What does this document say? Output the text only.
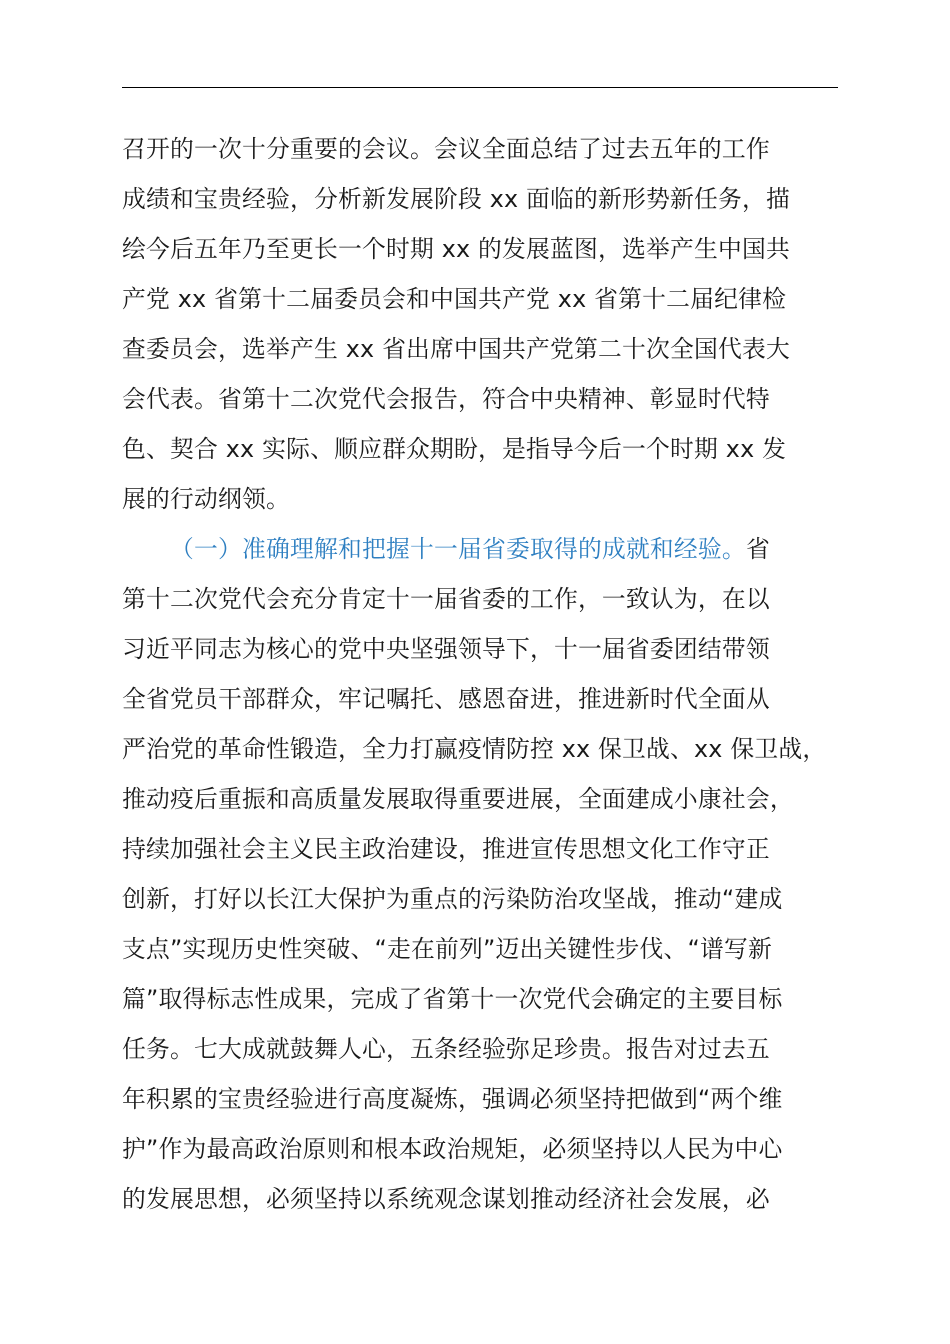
召开的一次十分重要的会议。会议全面总结了过去五年的工作
成绩和宝贵经验，分析新发展阶段 xx 面临的新形势新任务，描
绘今后五年乃至更长一个时期 xx 的发展蓝图，选举产生中国共
产党 xx 省第十二届委员会和中国共产党 xx 省第十二届纪律检
查委员会，选举产生 xx 省出席中国共产党第二十次全国代表大
会代表。省第十二次党代会报告，符合中央精神、彰显时代特
色、契合 xx 实际、顺应群众期盼，是指导今后一个时期 xx 发
展的行动纲领。
（一）准确理解和把握十一届省委取得的成就和经验。省
第十二次党代会充分肯定十一届省委的工作，一致认为，在以
习近平同志为核心的党中央坚强领导下，十一届省委团结带领
全省党员干部群众，牢记嘱托、感恩奋进，推进新时代全面从
严治党的革命性锻造，全力打赢疫情防控 xx 保卫战、xx 保卫战，
推动疫后重振和高质量发展取得重要进展，全面建成小康社会，
持续加强社会主义民主政治建设，推进宣传思想文化工作守正
创新，打好以长江大保护为重点的污染防治攻坚战，推动“建成
支点”实现历史性突破、“走在前列”迈出关键性步伐、“谱写新
篇”取得标志性成果，完成了省第十一次党代会确定的主要目标
任务。七大成就鼓舞人心，五条经验弥足珍贵。报告对过去五
年积累的宝贵经验进行高度凝炼，强调必须坚持把做到“两个维
护”作为最高政治原则和根本政治规矩，必须坚持以人民为中心
的发展思想，必须坚持以系统观念谋划推动经济社会发展，必
